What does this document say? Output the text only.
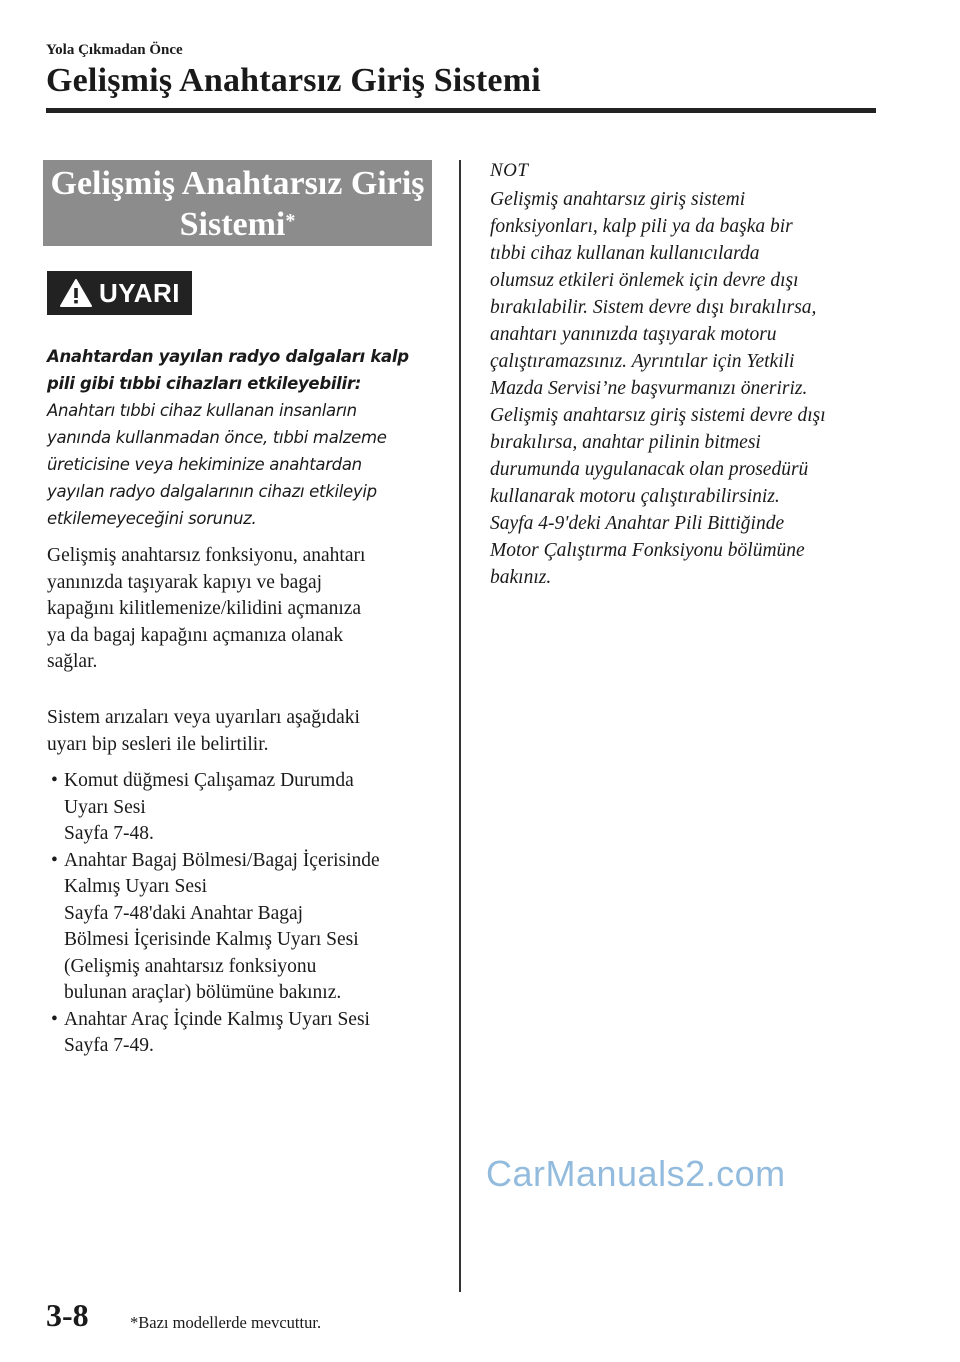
Yola Çıkmadan Önce
Gelişmiş Anahtarsız Giriş Sistemi
Gelişmiş Anahtarsız Giriş
Sistemi*
UYARI
Anahtardan yayılan radyo dalgaları kalp
pili gibi tıbbi cihazları etkileyebilir:
Anahtarı tıbbi cihaz kullanan insanların
yanında kullanmadan önce, tıbbi malzeme
üreticisine veya hekiminize anahtardan
yayılan radyo dalgalarının cihazı etkileyip
etkilemeyeceğini sorunuz.
Gelişmiş anahtarsız fonksiyonu, anahtarı
yanınızda taşıyarak kapıyı ve bagaj
kapağını kilitlemenize/kilidini açmanıza
ya da bagaj kapağını açmanıza olanak
sağlar.
Sistem arızaları veya uyarıları aşağıdaki
uyarı bip sesleri ile belirtilir.
• Komut düğmesi Çalışamaz Durumda
Uyarı Sesi
Sayfa 7-48.
• Anahtar Bagaj Bölmesi/Bagaj İçerisinde
Kalmış Uyarı Sesi
Sayfa 7-48'daki Anahtar Bagaj
Bölmesi İçerisinde Kalmış Uyarı Sesi
(Gelişmiş anahtarsız fonksiyonu
bulunan araçlar) bölümüne bakınız.
• Anahtar Araç İçinde Kalmış Uyarı Sesi
Sayfa 7-49.
NOT
Gelişmiş anahtarsız giriş sistemi
fonksiyonları, kalp pili ya da başka bir
tıbbi cihaz kullanan kullanıcılarda
olumsuz etkileri önlemek için devre dışı
bırakılabilir. Sistem devre dışı bırakılırsa,
anahtarı yanınızda taşıyarak motoru
çalıştıramazsınız. Ayrıntılar için Yetkili
Mazda Servisi’ne başvurmanızı öneririz.
Gelişmiş anahtarsız giriş sistemi devre dışı
bırakılırsa, anahtar pilinin bitmesi
durumunda uygulanacak olan prosedürü
kullanarak motoru çalıştırabilirsiniz.
Sayfa 4-9'deki Anahtar Pili Bittiğinde
Motor Çalıştırma Fonksiyonu bölümüne
bakınız.
CarManuals2.com
3-8	*Bazı modellerde mevcuttur.
